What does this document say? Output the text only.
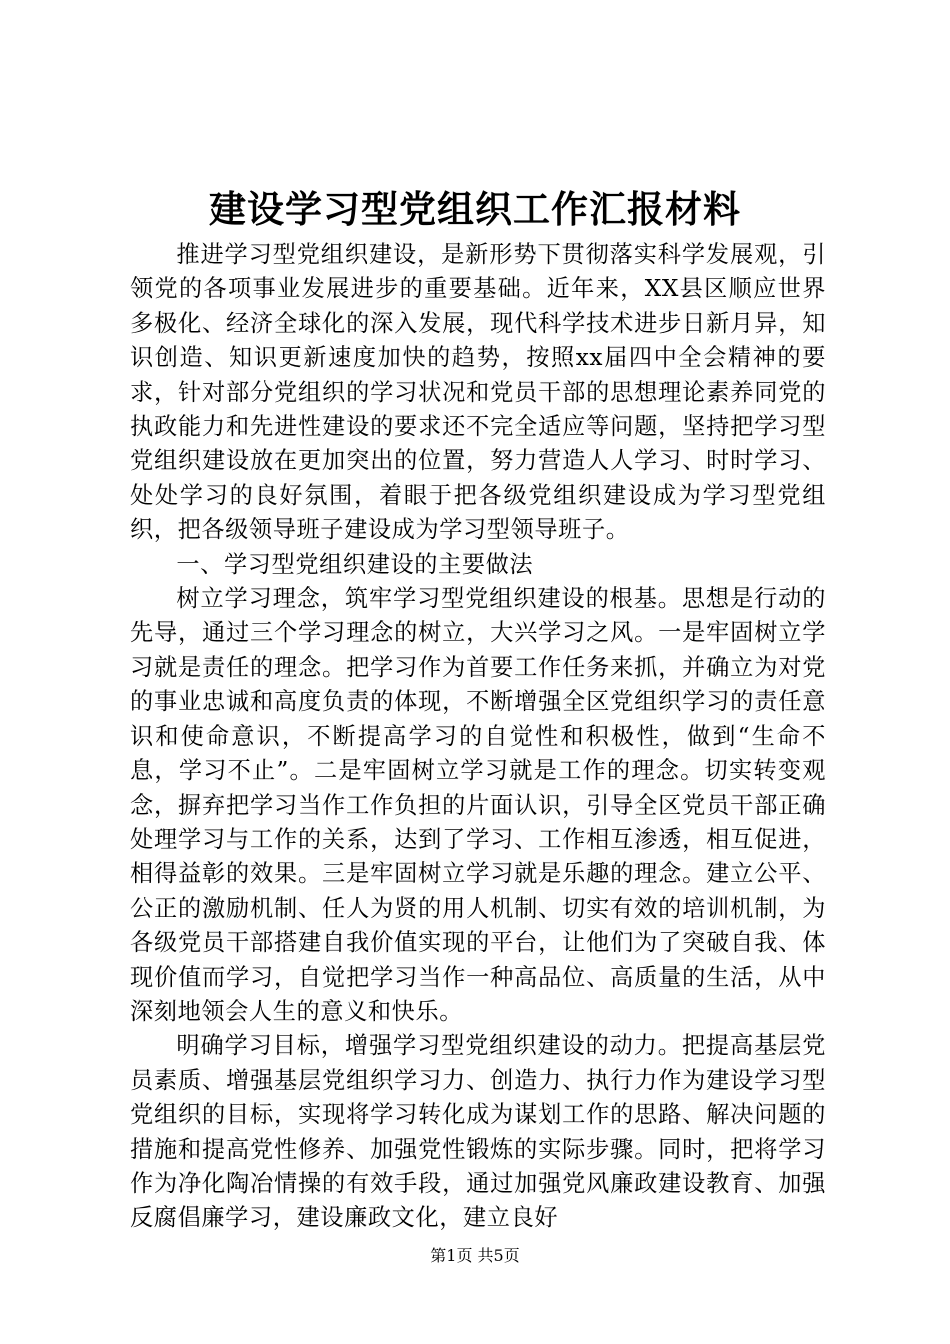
建设学习型党组织工作汇报材料

推进学习型党组织建设，是新形势下贯彻落实科学发展观，引领党的各项事业发展进步的重要基础。近年来，XX县区顺应世界多极化、经济全球化的深入发展，现代科学技术进步日新月异，知识创造、知识更新速度加快的趋势，按照xx届四中全会精神的要求，针对部分党组织的学习状况和党员干部的思想理论素养同党的执政能力和先进性建设的要求还不完全适应等问题，坚持把学习型党组织建设放在更加突出的位置，努力营造人人学习、时时学习、处处学习的良好氛围，着眼于把各级党组织建设成为学习型党组织，把各级领导班子建设成为学习型领导班子。

一、学习型党组织建设的主要做法

树立学习理念，筑牢学习型党组织建设的根基。思想是行动的先导，通过三个学习理念的树立，大兴学习之风。一是牢固树立学习就是责任的理念。把学习作为首要工作任务来抓，并确立为对党的事业忠诚和高度负责的体现，不断增强全区党组织学习的责任意识和使命意识，不断提高学习的自觉性和积极性，做到“生命不息，学习不止”。二是牢固树立学习就是工作的理念。切实转变观念，摒弃把学习当作工作负担的片面认识，引导全区党员干部正确处理学习与工作的关系，达到了学习、工作相互渗透，相互促进，相得益彰的效果。三是牢固树立学习就是乐趣的理念。建立公平、公正的激励机制、任人为贤的用人机制、切实有效的培训机制，为各级党员干部搭建自我价值实现的平台，让他们为了突破自我、体现价值而学习，自觉把学习当作一种高品位、高质量的生活，从中深刻地领会人生的意义和快乐。

明确学习目标，增强学习型党组织建设的动力。把提高基层党员素质、增强基层党组织学习力、创造力、执行力作为建设学习型党组织的目标，实现将学习转化成为谋划工作的思路、解决问题的措施和提高党性修养、加强党性锻炼的实际步骤。同时，把将学习作为净化陶冶情操的有效手段，通过加强党风廉政建设教育、加强反腐倡廉学习，建设廉政文化，建立良好

第1页 共5页
